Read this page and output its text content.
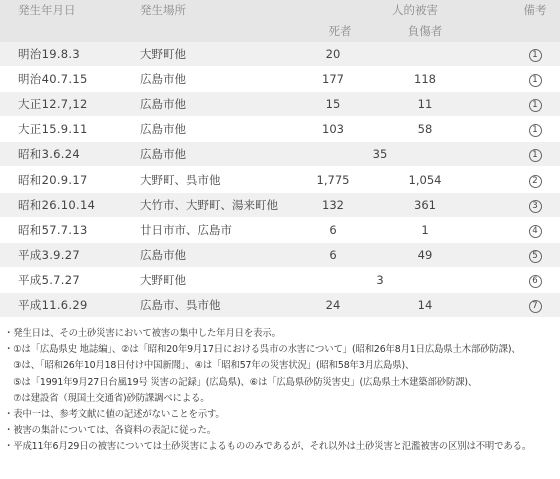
発生年月日	発生場所	人的被害		備考
		死者	負傷者	
明治19.8.3	大野町他	20		1
明治40.7.15	広島市他	177	118	1
大正12.7,12	広島市他	15	11	1
大正15.9.11	広島市他	103	58	1
昭和3.6.24	広島市他	35		1
昭和20.9.17	大野町、呉市他	1,775	1,054	2
昭和26.10.14	大竹市、大野町、湯来町他	132	361	3
昭和57.7.13	廿日市市、広島市	6	1	4
平成3.9.27	広島市他	6	49	5
平成5.7.27	大野町他	3		6
平成11.6.29	広島市、呉市他	24	14	7
・発生日は、その土砂災害において被害の集中した年月日を表示。
・①は「広島県史 地誌編」、②は「昭和20年9月17日における呉市の水害について」(昭和26年8月1日広島県土木部砂防課)、
　③は、「昭和26年10月18日付け中国新聞」、④は「昭和57年の災害状況」(昭和58年3月広島県)、
　⑤は「1991年9月27日台風19号 災害の記録」(広島県)、⑥は「広島県砂防災害史」(広島県土木建築部砂防課)、
　⑦は建設省（現国土交通省)砂防課調べによる。
・表中一は、参考文献に値の記述がないことを示す。
・被害の集計については、各資料の表記に従った。
・平成11年6月29日の被害については土砂災害によるもののみであるが、それ以外は土砂災害と氾濫被害の区別は不明である。
